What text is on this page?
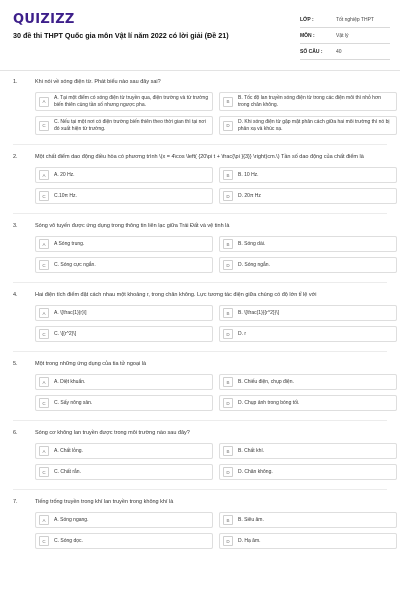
QUIZIZZ
30 đề thi THPT Quốc gia môn Vật lí năm 2022 có lời giải (Đề 21)
LỚP :	Tốt nghiệp THPT
MÔN :	Vật lý
SỐ CÂU :	40
1.	Khi nói về sóng điện từ. Phát biểu nào sau đây sai?
A
A. Tại một điểm có sóng điện từ truyền qua, điện trường và từ trường biến thiên cùng tần số nhưng ngược pha.	B
B. Tốc độ lan truyền sóng điện từ trong các điện môi thì nhỏ hơn trong chân không.
C
C. Nếu tại một nơi có điện trường biến thiên theo thời gian thì tại nơi đó xuất hiện từ trường.	D
D. Khi sóng điện từ gặp mặt phân cách giữa hai môi trường thì nó bị phản xạ và khúc xạ.
2.	Một chất điểm dao động điều hòa có phương trình \(x = 4\cos \left( {20\pi t + \frac{\pi }{3}} \right)cm.\) Tần số dao động của chất điểm là
A	A. 20 Hz.	B	B. 10 Hz.
C	C.10π Hz.	D	D. 20π Hz
3.	Sóng vô tuyến được ứng dụng trong thông tin liên lạc giữa Trái Đất và vệ tinh là
A	A Sóng trung.	B	B. Sóng dài.
C	C. Sóng cực ngắn.	D	D. Sóng ngắn.
4.	Hai điện tích điểm đặt cách nhau một khoảng r, trong chân không. Lực tương tác điện giữa chúng có độ lớn tỉ lệ với
A	A. \[\frac{1}{r}\]	B	B. \[\frac{1}{{r^2}}\]
C	C. \[{r^2}\]	D	D. r
5.	Một trong những ứng dụng của tia tử ngoại là
A	A. Diệt khuẩn.	B	B. Chiếu điện, chụp điện.
C	C. Sấy nông sản.	D	D. Chụp ảnh trong bóng tối.
6.	Sóng cơ không lan truyền được trong môi trường nào sau đây?
A	A. Chất lỏng.	B	B. Chất khí.
C	C. Chất rắn.	D	D. Chân không.
7.	Tiếng trống truyền trong khí lan truyền trong không khí là
A	A. Sóng ngang.	B	B. Siêu âm.
C	C. Sóng dọc.	D	D. Hạ âm.
